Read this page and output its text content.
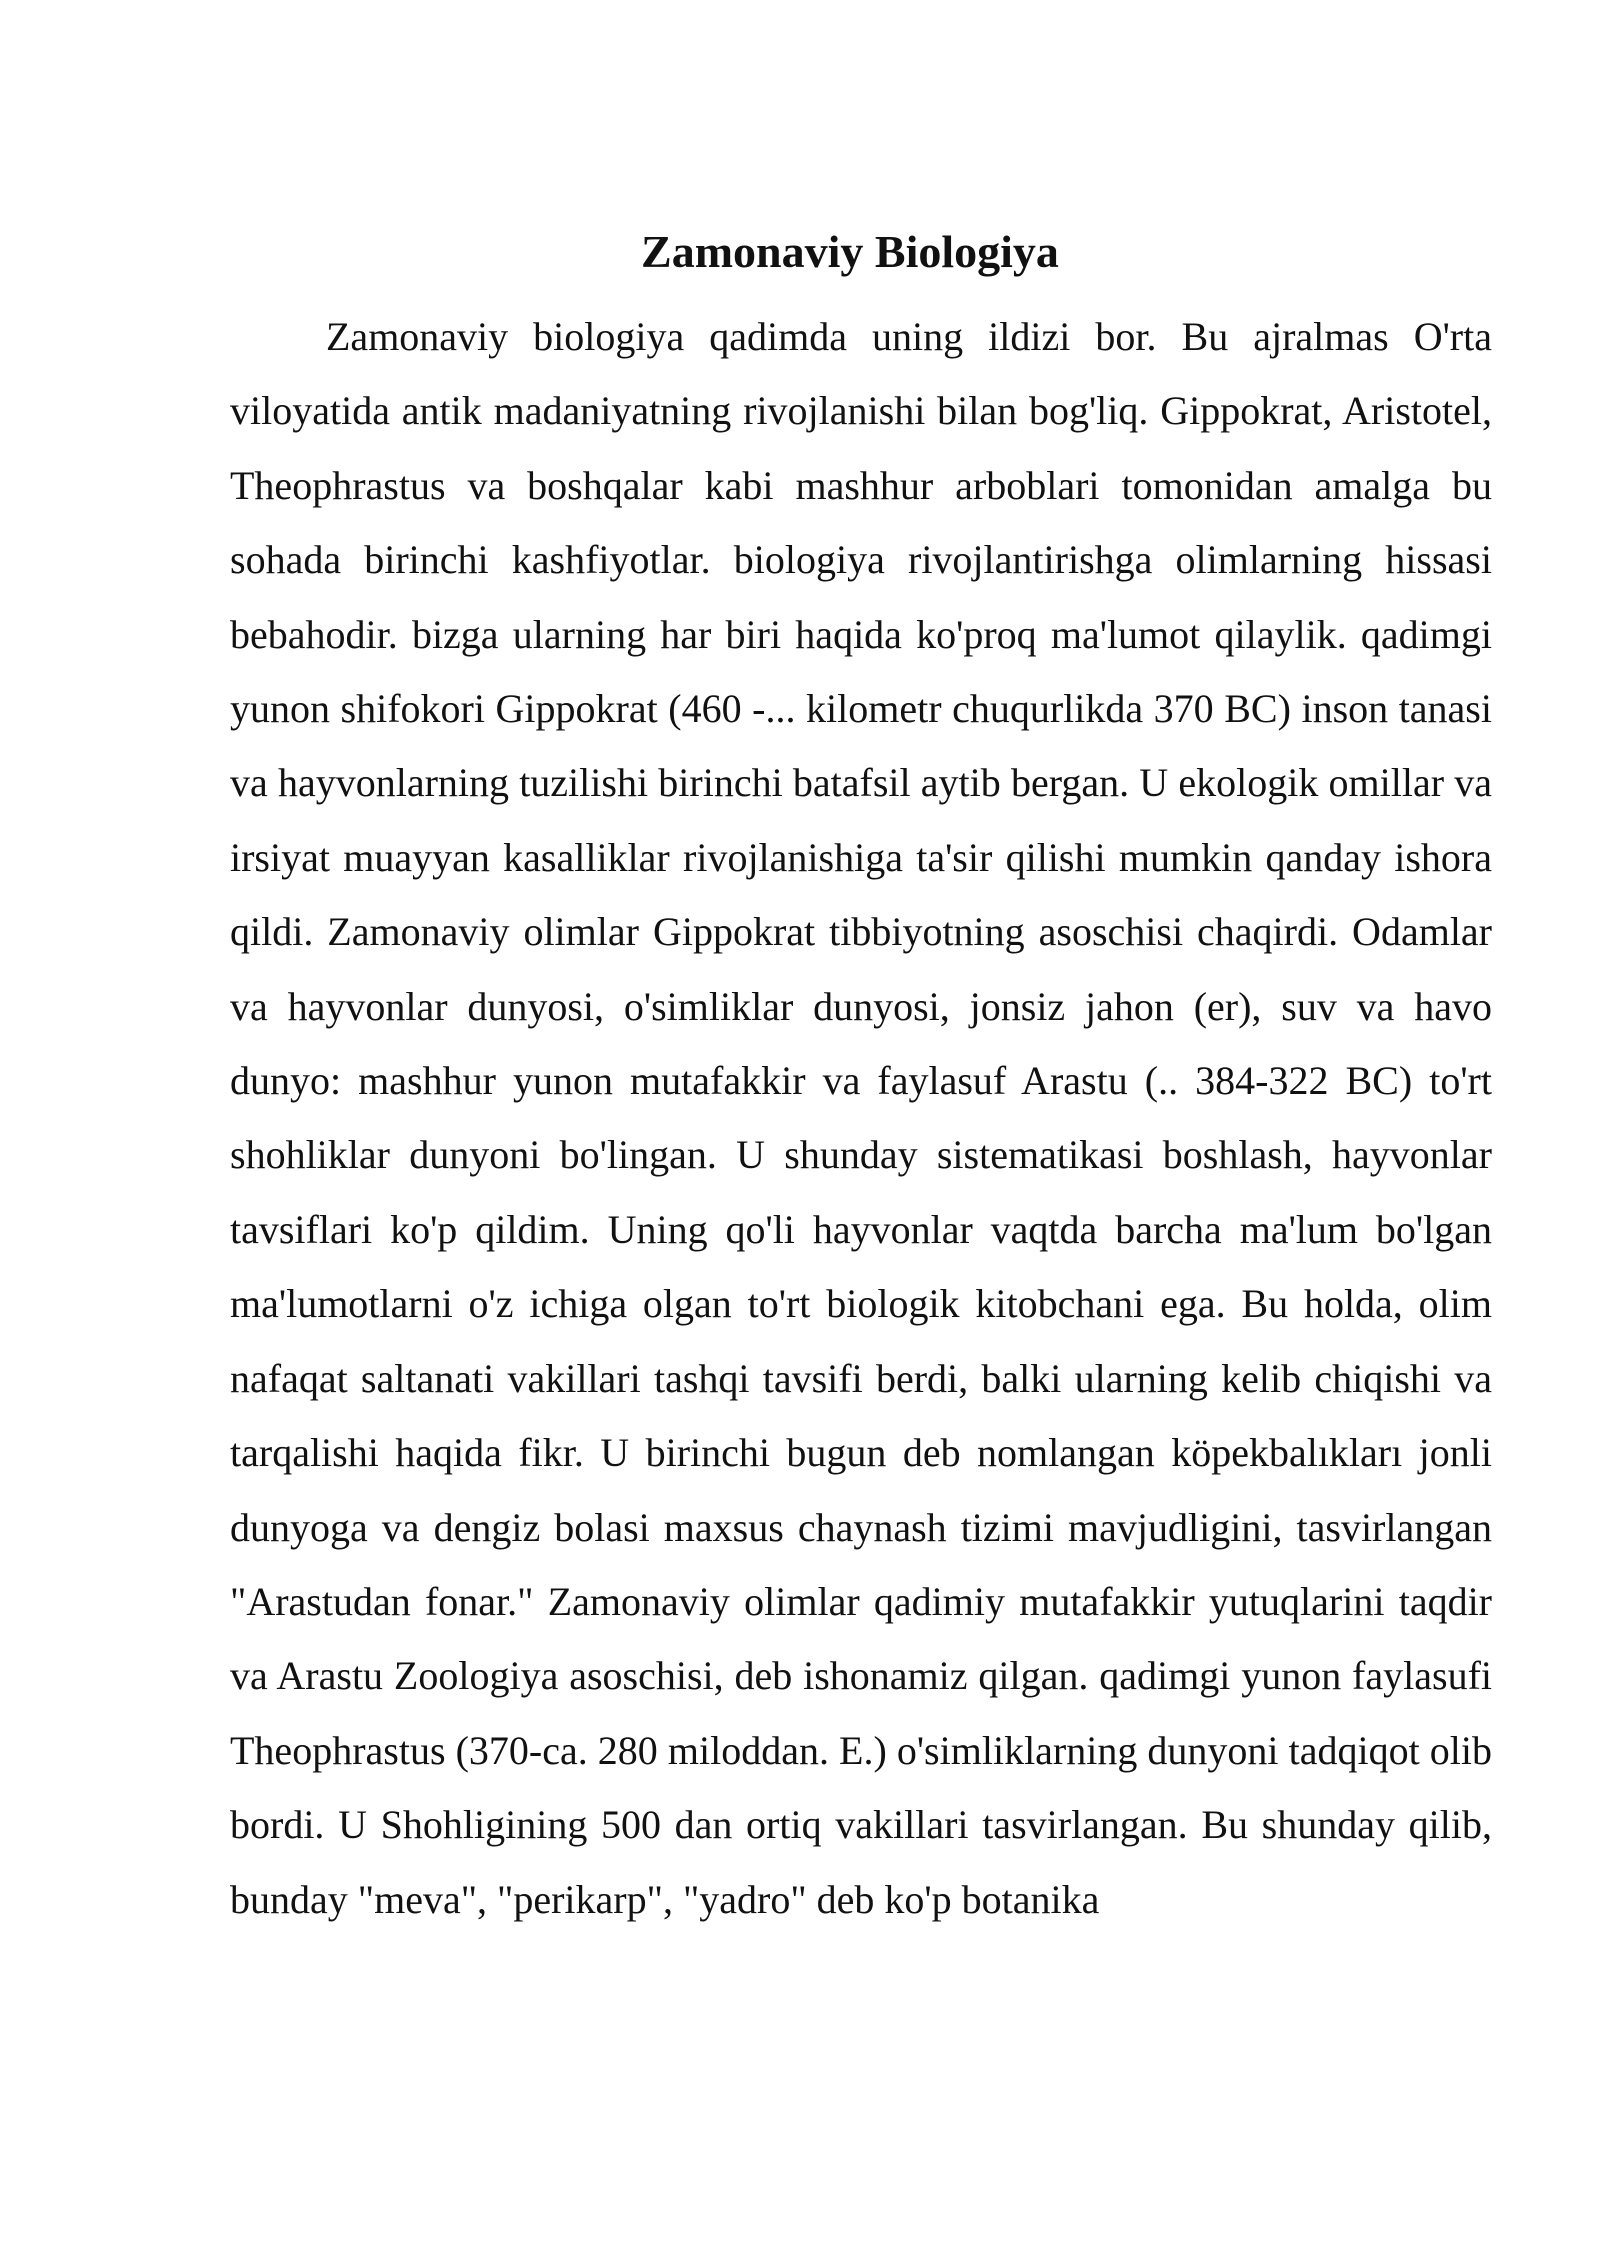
Zamonaviy Biologiya

Zamonaviy biologiya qadimda uning ildizi bor. Bu ajralmas O'rta viloyatida antik madaniyatning rivojlanishi bilan bog'liq. Gippokrat, Aristotel, Theophrastus va boshqalar kabi mashhur arboblari tomonidan amalga bu sohada birinchi kashfiyotlar. biologiya rivojlantirishga olimlarning hissasi bebahodir. bizga ularning har biri haqida ko'proq ma'lumot qilaylik. qadimgi yunon shifokori Gippokrat (460 -... kilometr chuqurlikda 370 BC) inson tanasi va hayvonlarning tuzilishi birinchi batafsil aytib bergan. U ekologik omillar va irsiyat muayyan kasalliklar rivojlanishiga ta'sir qilishi mumkin qanday ishora qildi. Zamonaviy olimlar Gippokrat tibbiyotning asoschisi chaqirdi. Odamlar va hayvonlar dunyosi, o'simliklar dunyosi, jonsiz jahon (er), suv va havo dunyo: mashhur yunon mutafakkir va faylasuf Arastu (.. 384-322 BC) to'rt shohliklar dunyoni bo'lingan. U shunday sistematikasi boshlash, hayvonlar tavsiflari ko'p qildim. Uning qo'li hayvonlar vaqtda barcha ma'lum bo'lgan ma'lumotlarni o'z ichiga olgan to'rt biologik kitobchani ega. Bu holda, olim nafaqat saltanati vakillari tashqi tavsifi berdi, balki ularning kelib chiqishi va tarqalishi haqida fikr. U birinchi bugun deb nomlangan köpekbalıkları jonli dunyoga va dengiz bolasi maxsus chaynash tizimi mavjudligini, tasvirlangan "Arastudan fonar." Zamonaviy olimlar qadimiy mutafakkir yutuqlarini taqdir va Arastu Zoologiya asoschisi, deb ishonamiz qilgan. qadimgi yunon faylasufi Theophrastus (370-ca. 280 miloddan. E.) o'simliklarning dunyoni tadqiqot olib bordi. U Shohligining 500 dan ortiq vakillari tasvirlangan. Bu shunday qilib, bunday "meva", "perikarp", "yadro" deb ko'p botanika
